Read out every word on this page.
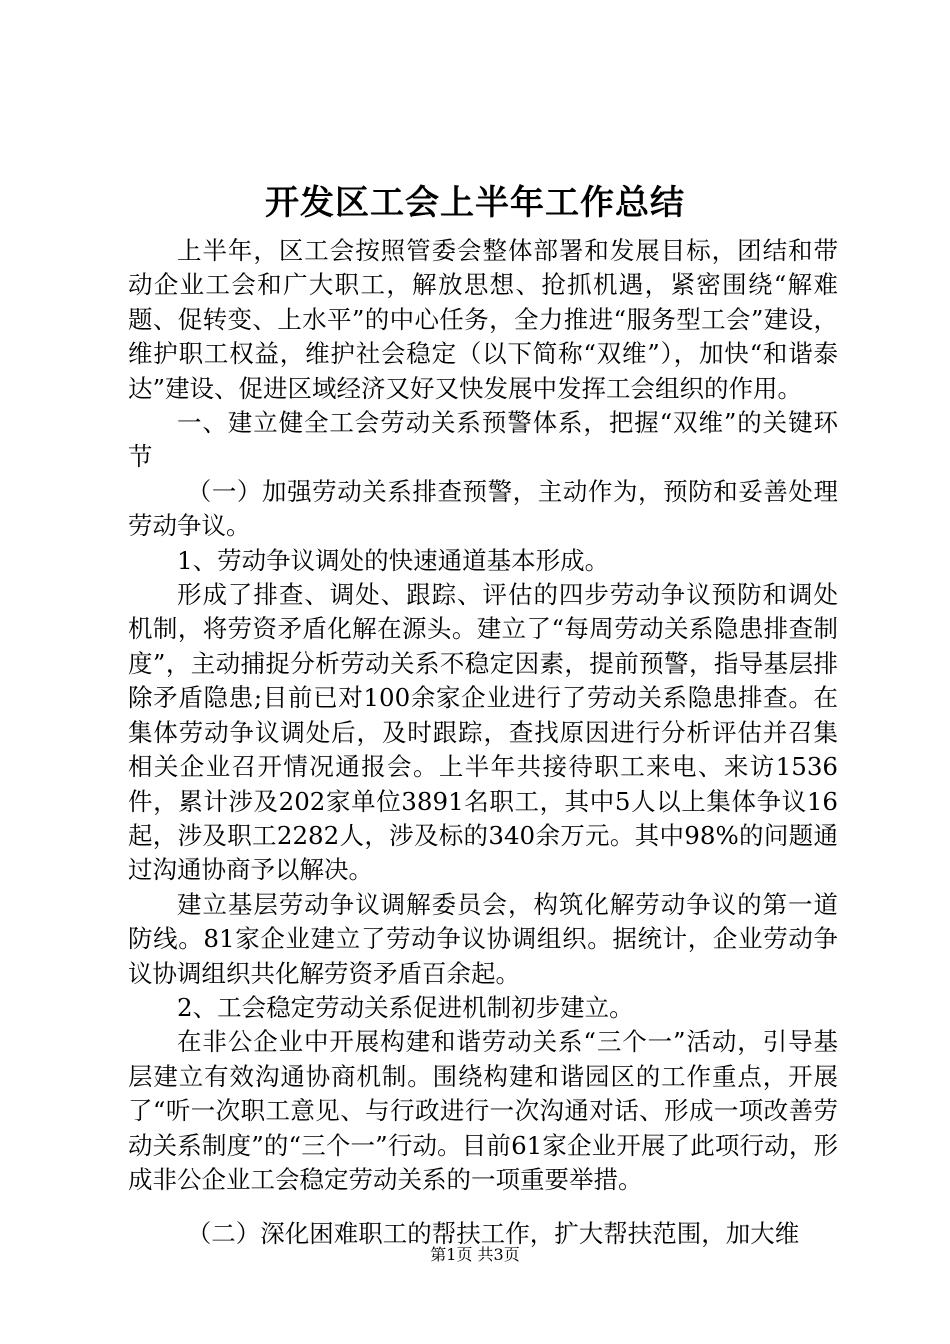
开发区工会上半年工作总结

上半年，区工会按照管委会整体部署和发展目标，团结和带动企业工会和广大职工，解放思想、抢抓机遇，紧密围绕“解难题、促转变、上水平”的中心任务，全力推进“服务型工会”建设，维护职工权益，维护社会稳定（以下简称“双维”），加快“和谐泰达”建设、促进区域经济又好又快发展中发挥工会组织的作用。

一、建立健全工会劳动关系预警体系，把握“双维”的关键环节

（一）加强劳动关系排查预警，主动作为，预防和妥善处理劳动争议。

1、劳动争议调处的快速通道基本形成。

形成了排查、调处、跟踪、评估的四步劳动争议预防和调处机制，将劳资矛盾化解在源头。建立了“每周劳动关系隐患排查制度”，主动捕捉分析劳动关系不稳定因素，提前预警，指导基层排除矛盾隐患;目前已对100余家企业进行了劳动关系隐患排查。在集体劳动争议调处后，及时跟踪，查找原因进行分析评估并召集相关企业召开情况通报会。上半年共接待职工来电、来访1536件，累计涉及202家单位3891名职工，其中5人以上集体争议16起，涉及职工2282人，涉及标的340余万元。其中98%的问题通过沟通协商予以解决。

建立基层劳动争议调解委员会，构筑化解劳动争议的第一道防线。81家企业建立了劳动争议协调组织。据统计，企业劳动争议协调组织共化解劳资矛盾百余起。

2、工会稳定劳动关系促进机制初步建立。

在非公企业中开展构建和谐劳动关系“三个一”活动，引导基层建立有效沟通协商机制。围绕构建和谐园区的工作重点，开展了“听一次职工意见、与行政进行一次沟通对话、形成一项改善劳动关系制度”的“三个一”行动。目前61家企业开展了此项行动，形成非公企业工会稳定劳动关系的一项重要举措。

（二）深化困难职工的帮扶工作，扩大帮扶范围，加大维

第1页 共3页
